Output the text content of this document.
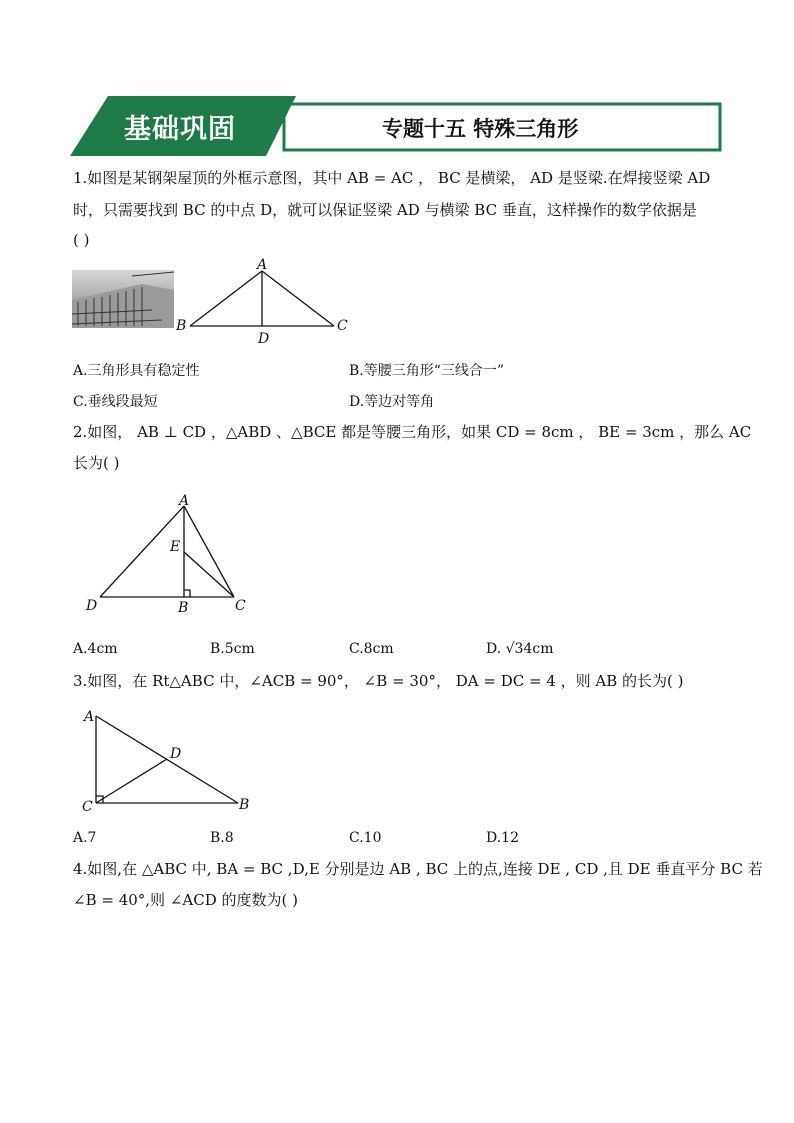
基础巩固	专题十五 特殊三角形
1.如图是某钢架屋顶的外框示意图，其中 AB = AC ， BC 是横梁， AD 是竖梁.在焊接竖梁 AD
时，只需要找到 BC 的中点 D，就可以保证竖梁 AD 与横梁 BC 垂直，这样操作的数学依据是
( )
A
B	C
D
A.三角形具有稳定性	B.等腰三角形“三线合一”
C.垂线段最短	D.等边对等角
2.如图， AB ⊥ CD ，△ABD 、△BCE 都是等腰三角形，如果 CD = 8cm ， BE = 3cm ，那么 AC
长为( )
A
E
D	B	C
A.4cm	B.5cm	C.8cm	D. √34cm
3.如图，在 Rt△ABC 中，∠ACB = 90°， ∠B = 30°， DA = DC = 4 ，则 AB 的长为( )
A
D
C	B
A.7	B.8	C.10	D.12
4.如图,在 △ABC 中, BA = BC ,D,E 分别是边 AB , BC 上的点,连接 DE , CD ,且 DE 垂直平分 BC 若
∠B = 40°,则 ∠ACD 的度数为( )
